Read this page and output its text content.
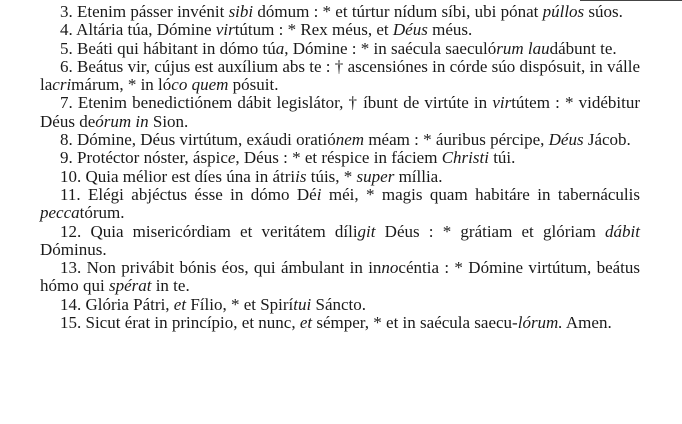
3. Etenim pásser invénit sibi dómum : * et túrtur nídum síbi, ubi pónat púllos súos.

4. Altária túa, Dómine virtútum : * Rex méus, et Déus méus.

5. Beáti qui hábitant in dómo túa, Dómine : * in saécula saeculórum laudábunt te.

6. Beátus vir, cújus est auxílium abs te : † ascensiónes in córde súo dispósuit, in válle lacrimárum, * in lóco quem pósuit.

7. Etenim benedictiónem dábit legislátor, † íbunt de virtúte in virtútem : * vidébitur Déus deórum in Sion.

8. Dómine, Déus virtútum, exáudi oratiónem méam : * áuribus pércipe, Déus Jácob.

9. Protéctor nóster, áspice, Déus : * et réspice in fáciem Christi túi.

10. Quia mélior est díes úna in átriis túis, * super míllia.

11. Elégi abjéctus ésse in dómo Déi méi, * magis quam habitáre in tabernáculis peccatórum.

12. Quia misericórdiam et veritátem díligit Déus : * grátiam et glóriam dábit Dóminus.

13. Non privábit bónis éos, qui ámbulant in innocéntia : * Dómine virtútum, beátus hómo qui spérat in te.

14. Glória Pátri, et Fílio, * et Spirítui Sáncto.

15. Sicut érat in princípio, et nunc, et sémper, * et in saécula saecu-lórum. Amen.
